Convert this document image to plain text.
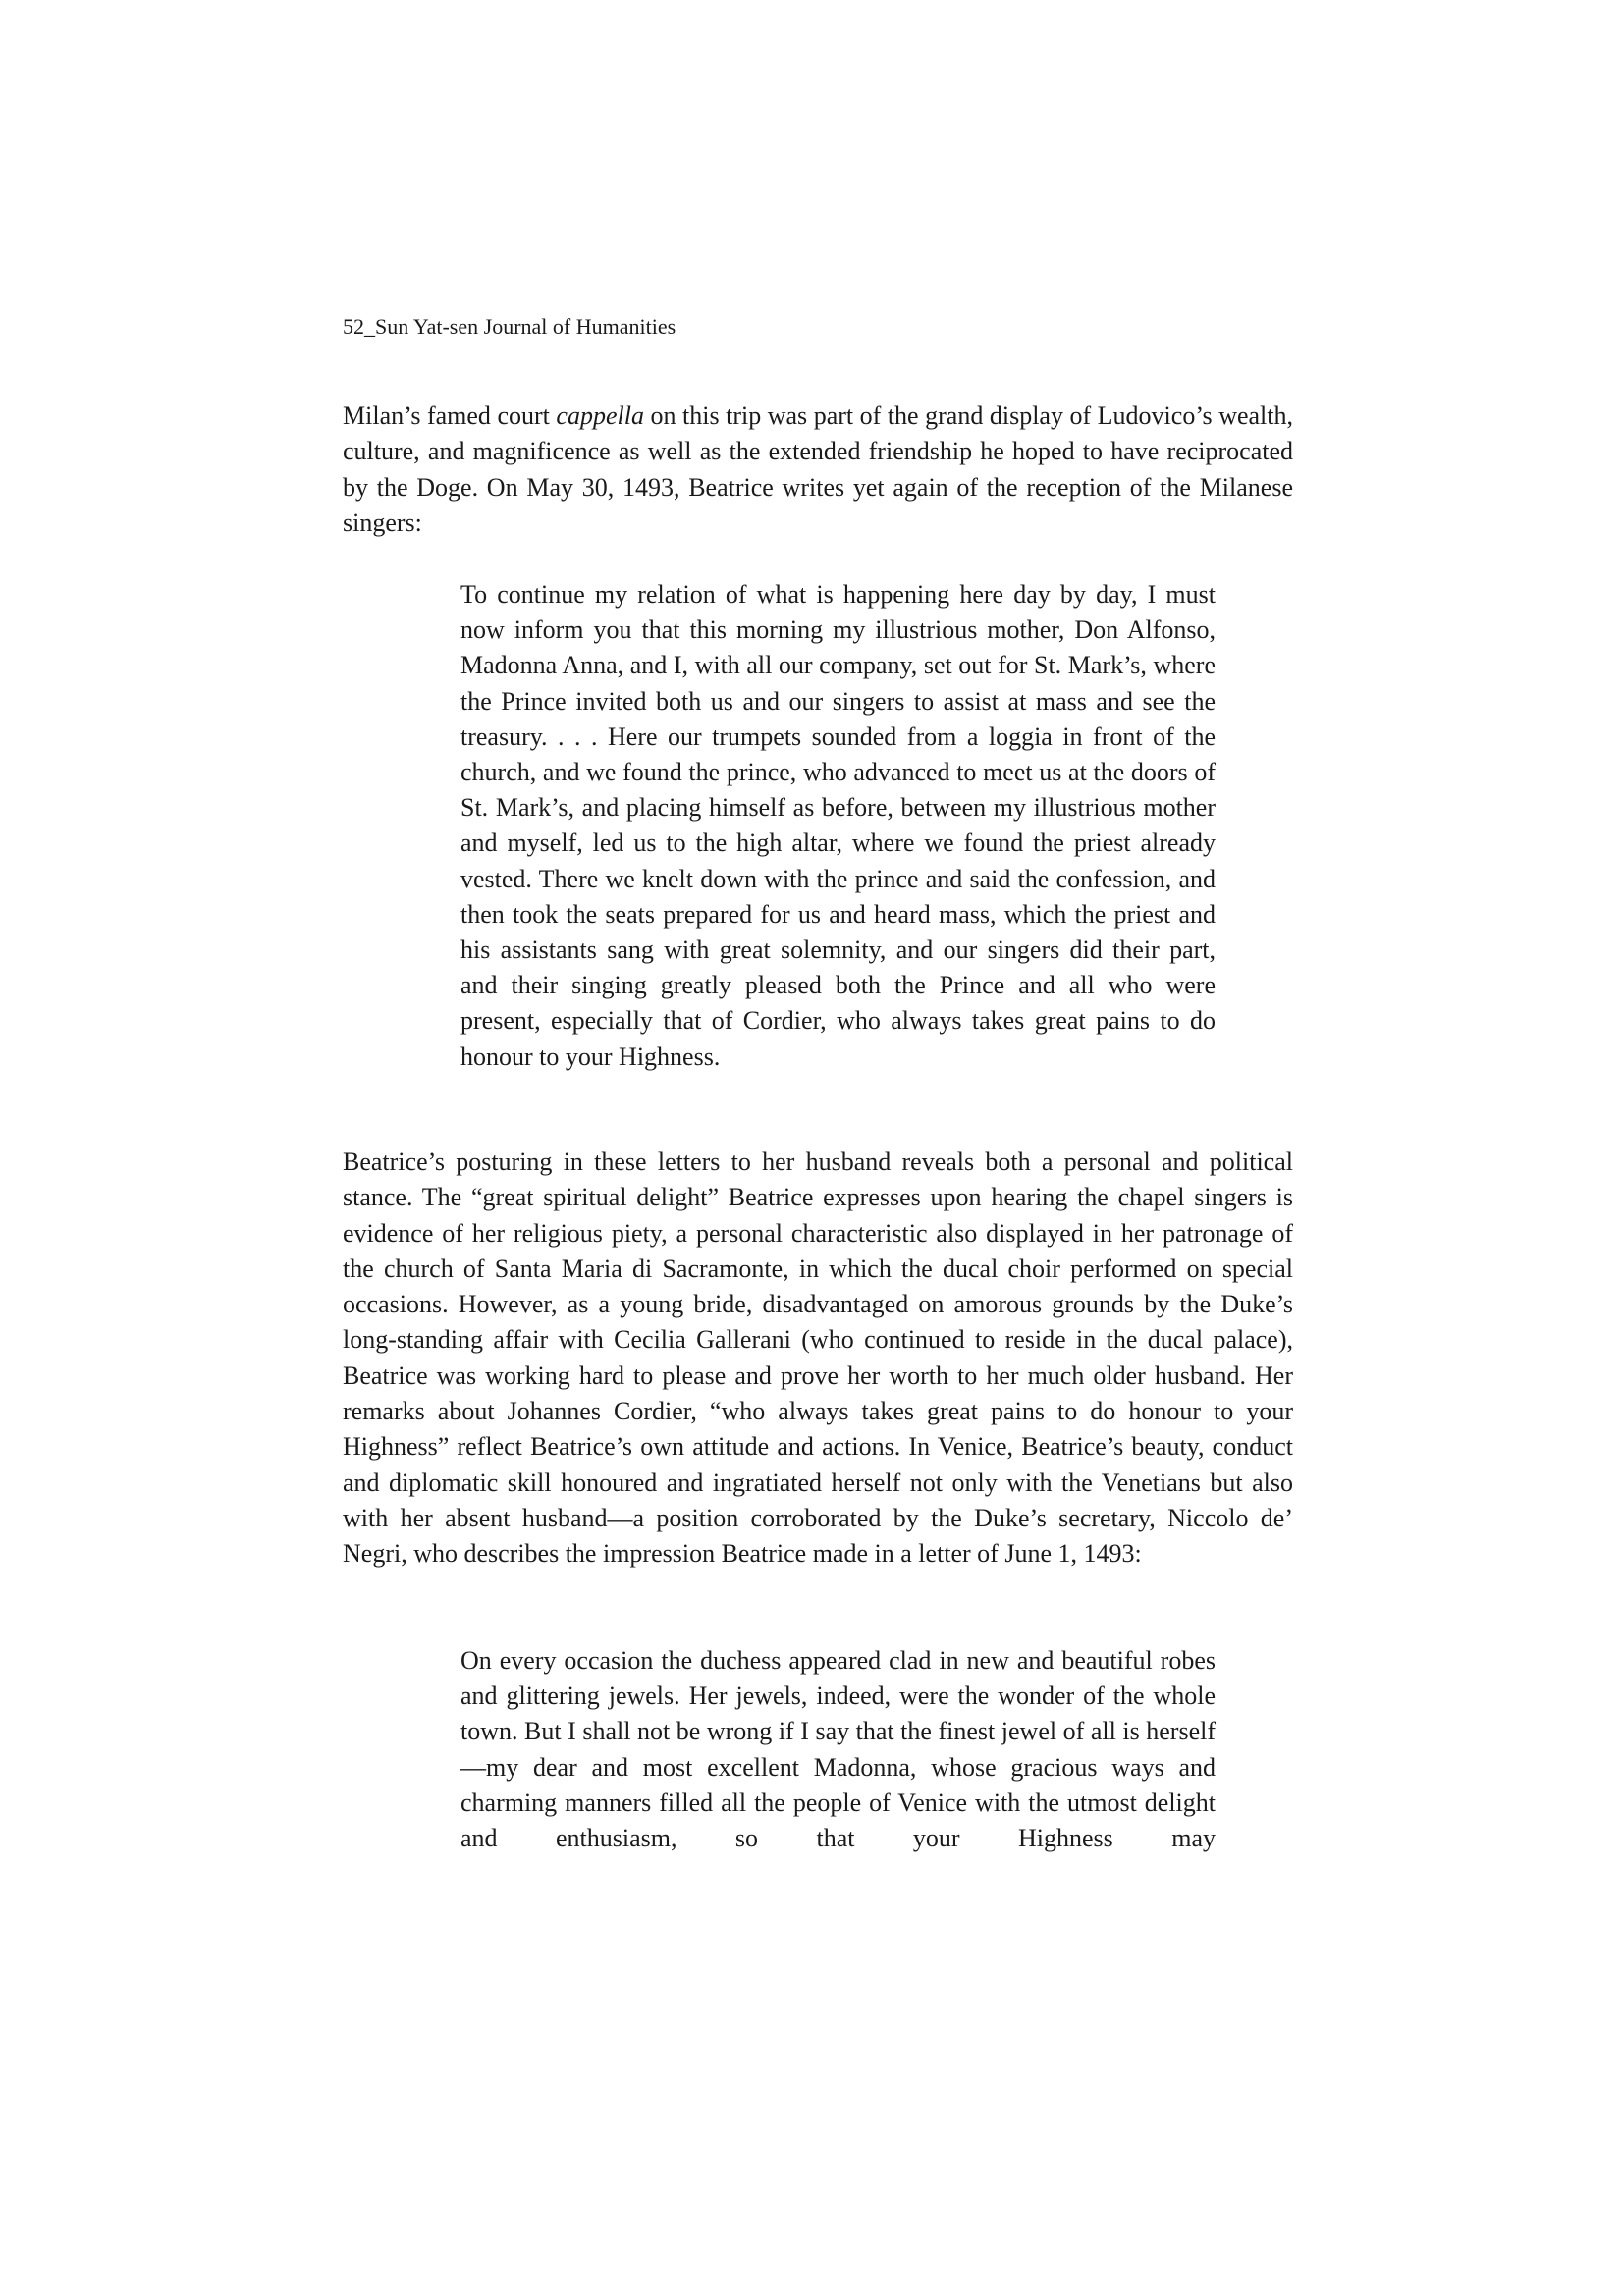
52_Sun Yat-sen Journal of Humanities

Milan’s famed court cappella on this trip was part of the grand display of Ludovico’s wealth, culture, and magnificence as well as the extended friendship he hoped to have reciprocated by the Doge. On May 30, 1493, Beatrice writes yet again of the reception of the Milanese singers:

To continue my relation of what is happening here day by day, I must now inform you that this morning my illustrious mother, Don Alfonso, Madonna Anna, and I, with all our company, set out for St. Mark’s, where the Prince invited both us and our singers to assist at mass and see the treasury. . . . Here our trumpets sounded from a loggia in front of the church, and we found the prince, who advanced to meet us at the doors of St. Mark’s, and placing himself as before, between my illustrious mother and myself, led us to the high altar, where we found the priest already vested. There we knelt down with the prince and said the confession, and then took the seats prepared for us and heard mass, which the priest and his assistants sang with great solemnity, and our singers did their part, and their singing greatly pleased both the Prince and all who were present, especially that of Cordier, who always takes great pains to do honour to your Highness.

Beatrice’s posturing in these letters to her husband reveals both a personal and political stance. The “great spiritual delight” Beatrice expresses upon hearing the chapel singers is evidence of her religious piety, a personal characteristic also displayed in her patronage of the church of Santa Maria di Sacramonte, in which the ducal choir performed on special occasions. However, as a young bride, disadvantaged on amorous grounds by the Duke’s long-standing affair with Cecilia Gallerani (who continued to reside in the ducal palace), Beatrice was working hard to please and prove her worth to her much older husband. Her remarks about Johannes Cordier, “who always takes great pains to do honour to your Highness” reflect Beatrice’s own attitude and actions. In Venice, Beatrice’s beauty, conduct and diplomatic skill honoured and ingratiated herself not only with the Venetians but also with her absent husband—a position corroborated by the Duke’s secretary, Niccolo de’ Negri, who describes the impression Beatrice made in a letter of June 1, 1493:

On every occasion the duchess appeared clad in new and beautiful robes and glittering jewels. Her jewels, indeed, were the wonder of the whole town. But I shall not be wrong if I say that the finest jewel of all is herself—my dear and most excellent Madonna, whose gracious ways and charming manners filled all the people of Venice with the utmost delight and enthusiasm, so that your Highness may
